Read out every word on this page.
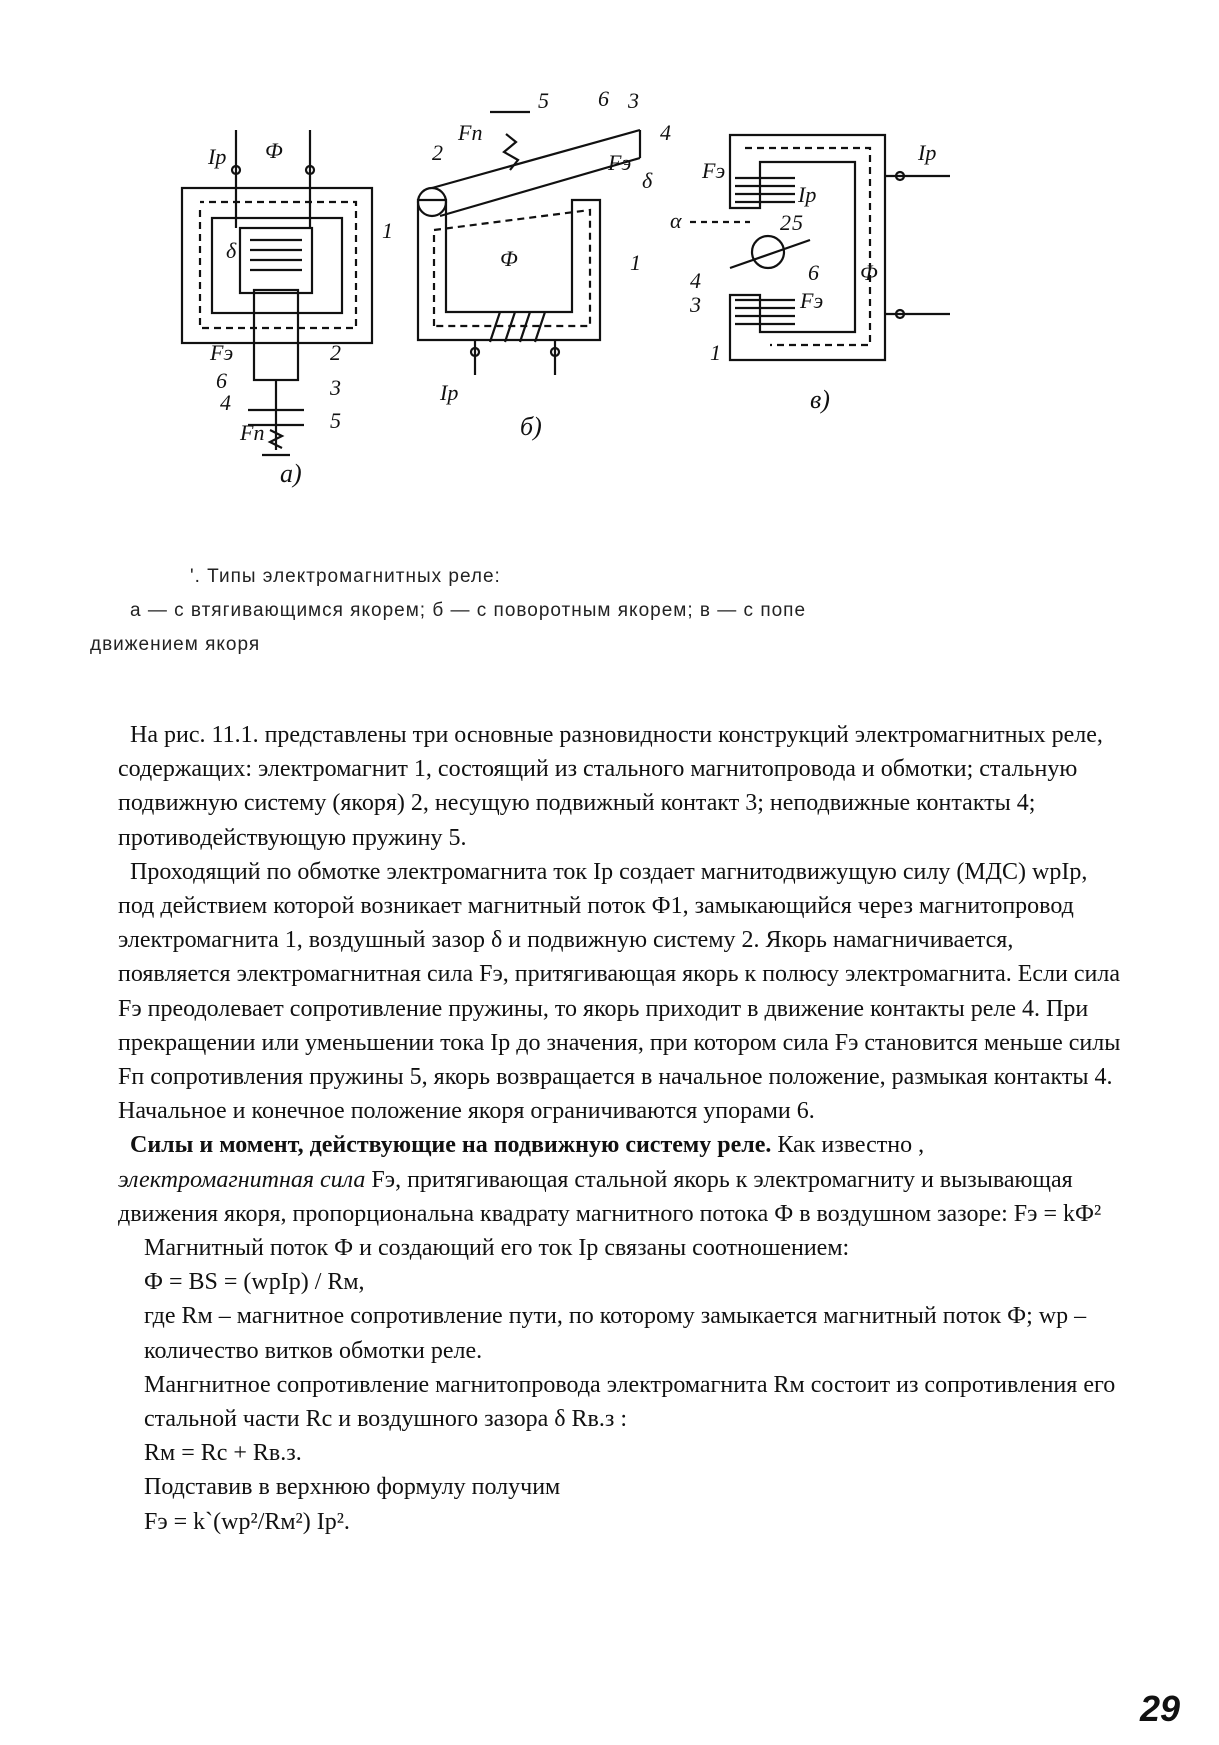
Iр Ф
δ
1
Fэ	2
6	3
4
Fп	5
а)
2
Fп
5 6 3
4
Fэ
δ
1
Ф
Iр
б)
Fэ
Iр
Iр
α	2 5
6 Ф
4
3	Fэ
1
в)
'. Типы электромагнитных реле:
а — с втягивающимся якорем; б — с поворотным якорем; в — с попе
движением якоря

На рис. 11.1. представлены три основные разновидности конструкций электромагнитных реле, содержащих: электромагнит 1, состоящий из стального магнитопровода и обмотки; стальную подвижную систему (якоря) 2, несущую подвижный контакт 3; неподвижные контакты 4; противодействующую пружину 5.

Проходящий по обмотке электромагнита ток Iр создает магнитодвижущую силу (МДС) wpIp, под действием которой возникает магнитный поток Ф1, замыкающийся через магнитопровод электромагнита 1, воздушный зазор δ и подвижную систему 2. Якорь намагничивается, появляется электромагнитная сила Fэ, притягивающая якорь к полюсу электромагнита. Если сила Fэ преодолевает сопротивление пружины, то якорь приходит в движение контакты реле 4. При прекращении или уменьшении тока Iр до значения, при котором сила Fэ становится меньше силы Fп сопротивления пружины 5, якорь возвращается в начальное положение, размыкая контакты 4. Начальное и конечное положение якоря ограничиваются упорами 6.

Силы и момент, действующие на подвижную систему реле. Как известно ,
электромагнитная сила Fэ, притягивающая стальной якорь к электромагниту и вызывающая движения якоря, пропорциональна квадрату магнитного потока Ф в воздушном зазоре: Fэ = kФ²

Магнитный поток Ф и создающий его ток Iр связаны соотношением:

Ф = BS = (wpIp) / Rм,

где Rм – магнитное сопротивление пути, по которому замыкается магнитный поток Ф; wр – количество витков обмотки реле.

Мангнитное сопротивление магнитопровода электромагнита Rм состоит из сопротивления его стальной части Rс и воздушного зазора δ Rв.з :

Rм = Rс + Rв.з.

Подставив в верхнюю формулу получим

Fэ = k`(wp²/Rм²) Iр².

29
